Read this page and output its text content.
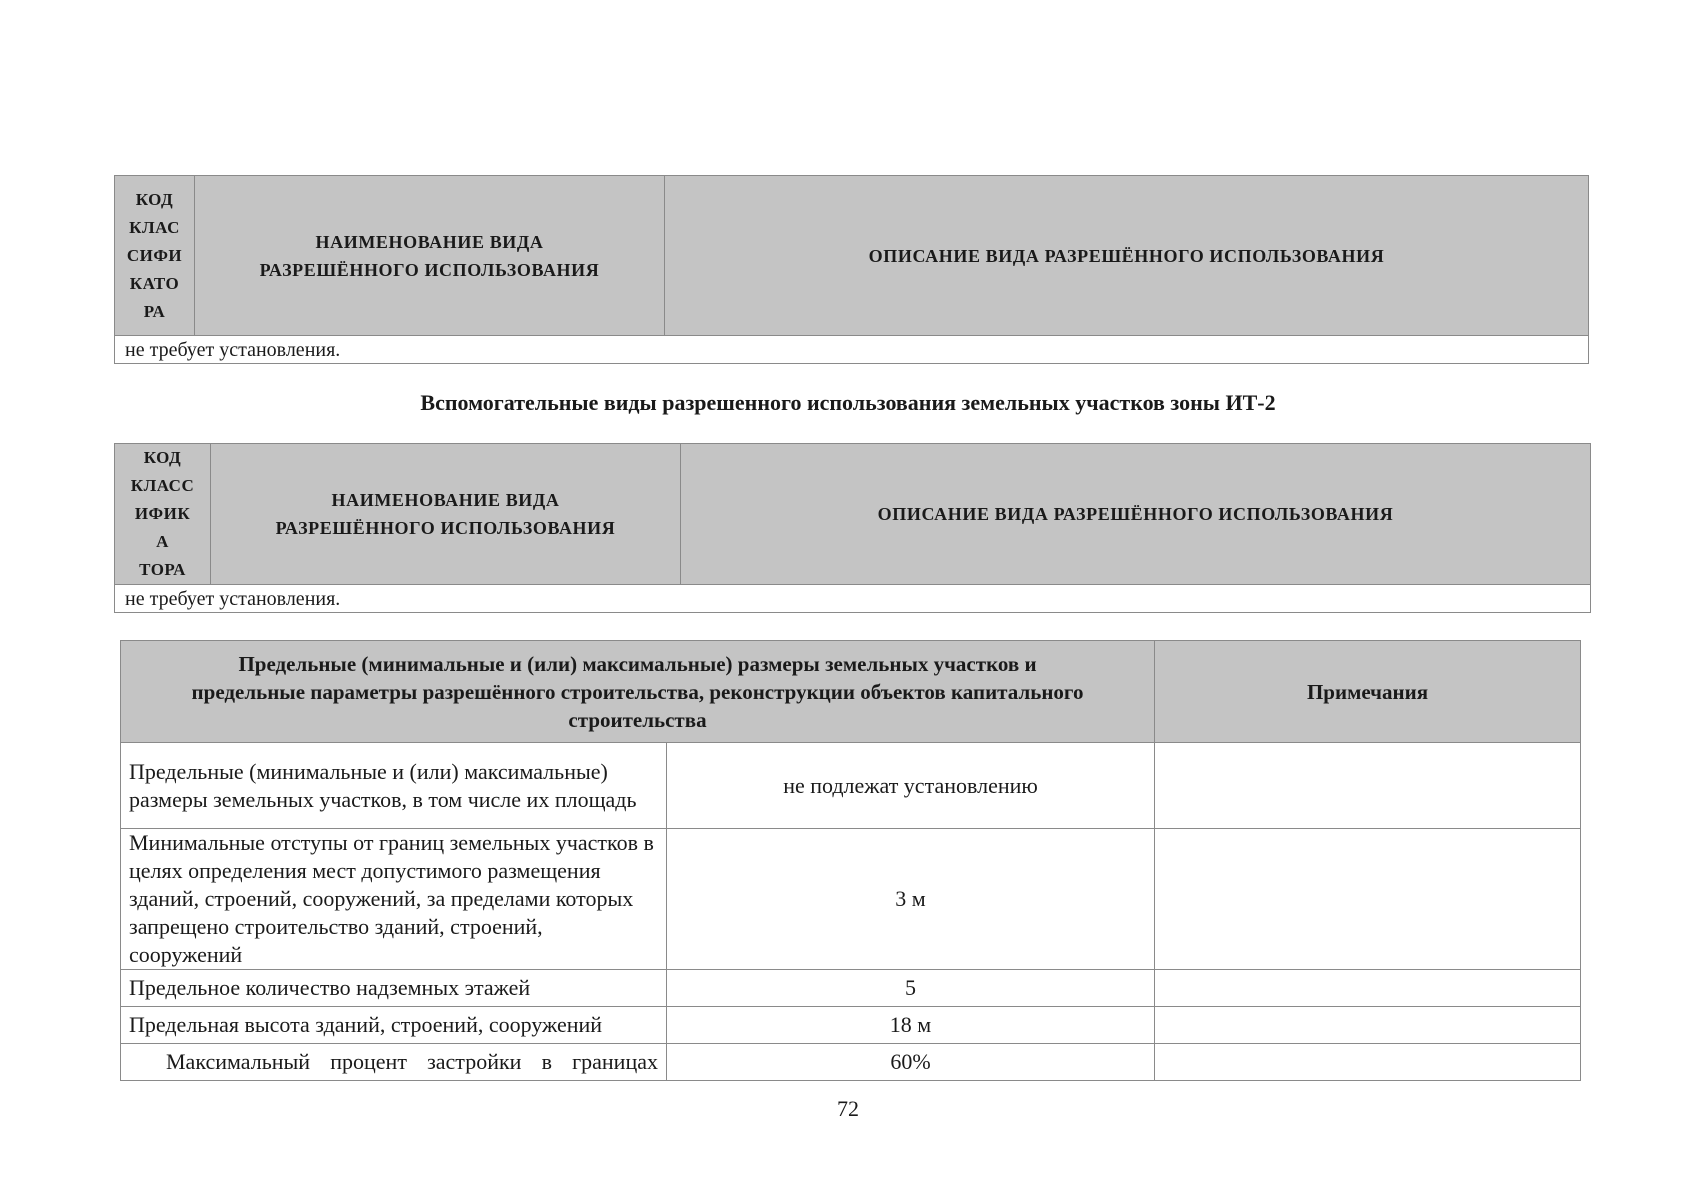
КОД
КЛАС
СИФИ
КАТО
РА
	НАИМЕНОВАНИЕ ВИДА РАЗРЕШЁННОГО ИСПОЛЬЗОВАНИЯ	ОПИСАНИЕ ВИДА РАЗРЕШЁННОГО ИСПОЛЬЗОВАНИЯ
не требует установления.
Вспомогательные виды разрешенного использования земельных участков зоны ИТ-2
КОД
КЛАСС
ИФИК
А
ТОРА
	НАИМЕНОВАНИЕ ВИДА РАЗРЕШЁННОГО ИСПОЛЬЗОВАНИЯ	ОПИСАНИЕ ВИДА РАЗРЕШЁННОГО ИСПОЛЬЗОВАНИЯ
не требует установления.
Предельные (минимальные и (или) максимальные) размеры земельных участков и предельные параметры разрешённого строительства, реконструкции объектов капитального строительства		Примечания
Предельные (минимальные и (или) максимальные) размеры земельных участков, в том числе их площадь	не подлежат установлению	
Минимальные отступы от границ земельных участков в целях определения мест допустимого размещения зданий, строений, сооружений, за пределами которых запрещено строительство зданий, строений, сооружений	3 м	
Предельное количество надземных этажей	5	
Предельная высота зданий, строений, сооружений	18 м	
Максимальный процент застройки в границах	60%	
72
